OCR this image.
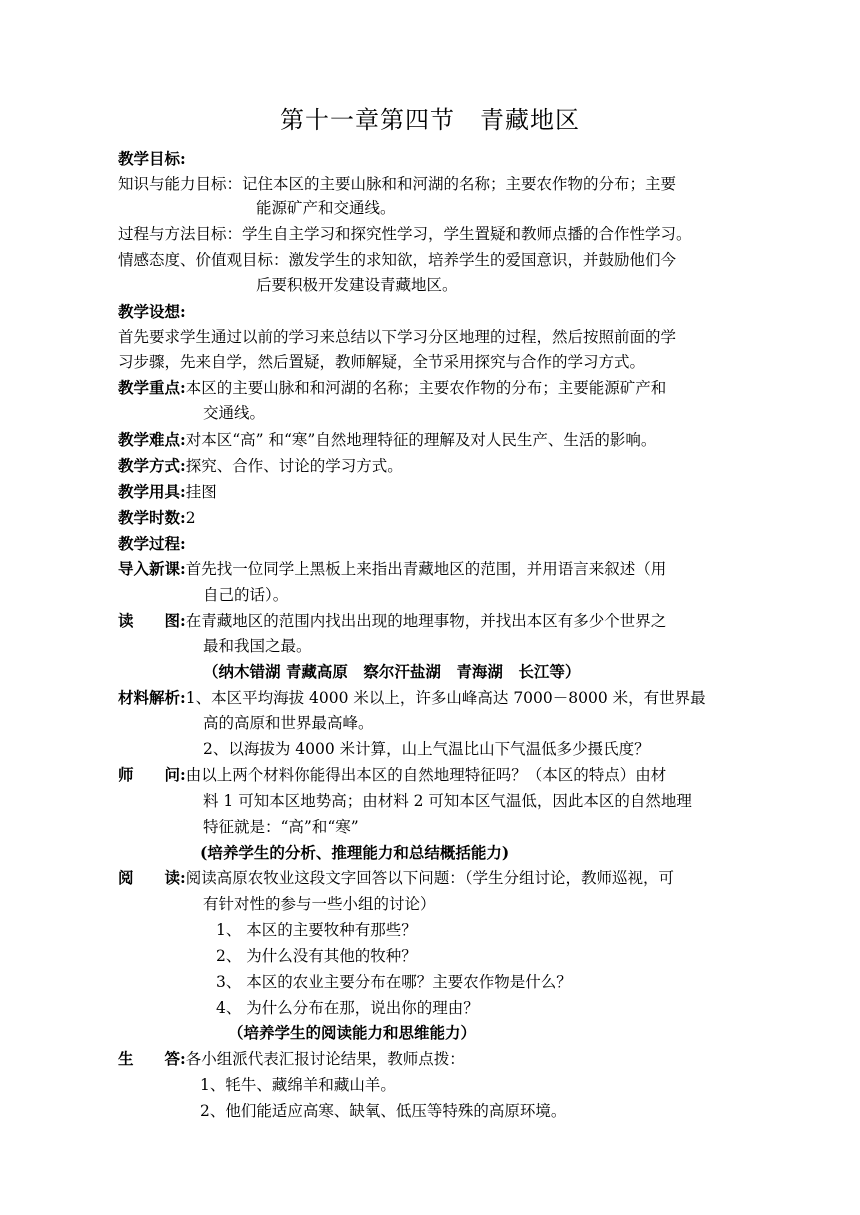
第十一章第四节　青藏地区
教学目标:
知识与能力目标：记住本区的主要山脉和和河湖的名称；主要农作物的分布；主要
能源矿产和交通线。
过程与方法目标：学生自主学习和探究性学习，学生置疑和教师点播的合作性学习。
情感态度、价值观目标：激发学生的求知欲，培养学生的爱国意识，并鼓励他们今
后要积极开发建设青藏地区。
教学设想:
首先要求学生通过以前的学习来总结以下学习分区地理的过程，然后按照前面的学
习步骤，先来自学，然后置疑，教师解疑，全节采用探究与合作的学习方式。
教学重点:本区的主要山脉和和河湖的名称；主要农作物的分布；主要能源矿产和
交通线。
教学难点:对本区“高” 和“寒”自然地理特征的理解及对人民生产、生活的影响。
教学方式:探究、合作、讨论的学习方式。
教学用具:挂图
教学时数:2
教学过程:
导入新课:首先找一位同学上黑板上来指出青藏地区的范围，并用语言来叙述（用
自己的话）。
读　　图:在青藏地区的范围内找出出现的地理事物，并找出本区有多少个世界之
最和我国之最。
（纳木错湖 青藏高原　察尔汗盐湖　青海湖　长江等）
材料解析:1、本区平均海拔 4000 米以上，许多山峰高达 7000－8000 米，有世界最
高的高原和世界最高峰。
2、以海拔为 4000 米计算，山上气温比山下气温低多少摄氏度？
师　　问:由以上两个材料你能得出本区的自然地理特征吗？（本区的特点）由材
料 1 可知本区地势高；由材料 2 可知本区气温低，因此本区的自然地理
特征就是：“高”和“寒”
(培养学生的分析、推理能力和总结概括能力)
阅　　读:阅读高原农牧业这段文字回答以下问题：（学生分组讨论，教师巡视，可
有针对性的参与一些小组的讨论）
1、 本区的主要牧种有那些？
2、 为什么没有其他的牧种？
3、 本区的农业主要分布在哪？主要农作物是什么？
4、 为什么分布在那，说出你的理由？
（培养学生的阅读能力和思维能力）
生　　答:各小组派代表汇报讨论结果，教师点拨：
1、牦牛、藏绵羊和藏山羊。
2、他们能适应高寒、缺氧、低压等特殊的高原环境。
